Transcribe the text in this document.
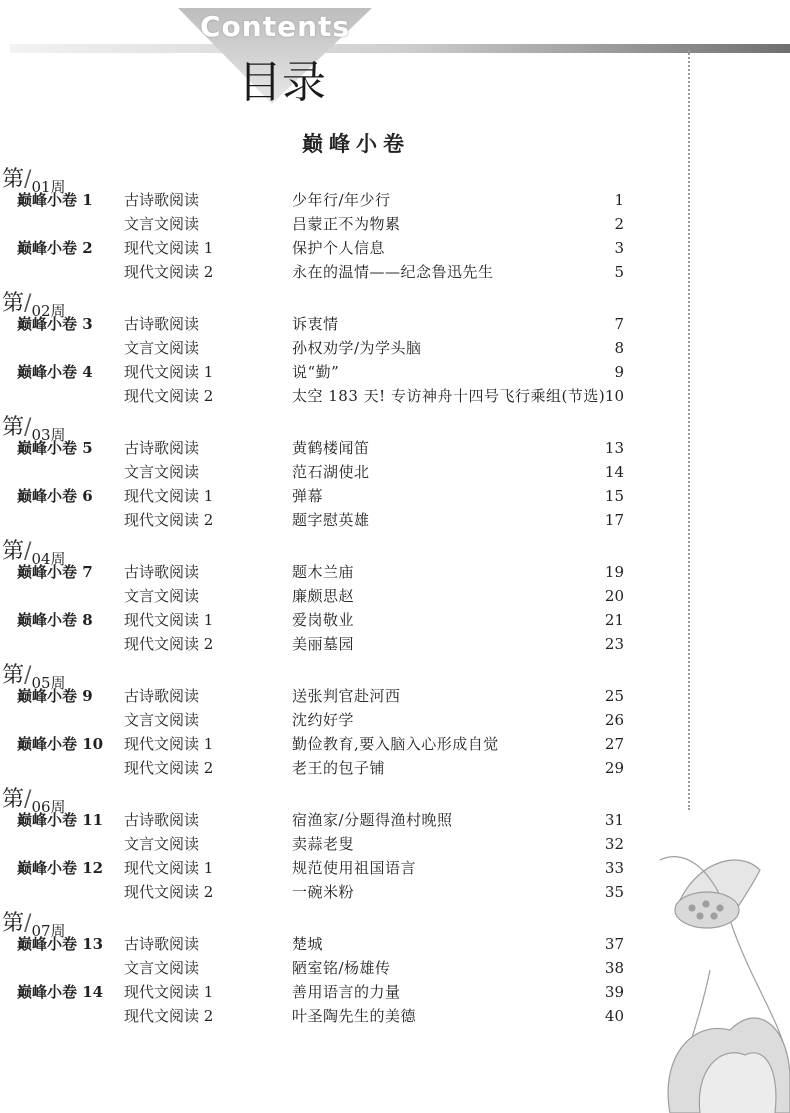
Contents
目录
巅峰小卷
第/01周
巅峰小卷 1 古诗歌阅读	少年行/年少行	1
文言文阅读	吕蒙正不为物累	2
巅峰小卷 2 现代文阅读 1	保护个人信息	3
现代文阅读 2	永在的温情——纪念鲁迅先生	5
第/02周
巅峰小卷 3 古诗歌阅读	诉衷情	7
文言文阅读	孙权劝学/为学头脑	8
巅峰小卷 4 现代文阅读 1	说“勤”	9
现代文阅读 2	太空 183 天! 专访神舟十四号飞行乘组(节选) 10
第/03周
巅峰小卷 5 古诗歌阅读	黄鹤楼闻笛	13
文言文阅读	范石湖使北	14
巅峰小卷 6 现代文阅读 1	弹幕	15
现代文阅读 2	题字慰英雄	17
第/04周
巅峰小卷 7 古诗歌阅读	题木兰庙	19
文言文阅读	廉颇思赵	20
巅峰小卷 8 现代文阅读 1	爱岗敬业	21
现代文阅读 2	美丽墓园	23
第/05周
巅峰小卷 9 古诗歌阅读	送张判官赴河西	25
文言文阅读	沈约好学	26
巅峰小卷 10 现代文阅读 1	勤俭教育,要入脑入心形成自觉	27
现代文阅读 2	老王的包子铺	29
第/06周
巅峰小卷 11 古诗歌阅读	宿渔家/分题得渔村晚照	31
文言文阅读	卖蒜老叟	32
巅峰小卷 12 现代文阅读 1	规范使用祖国语言	33
现代文阅读 2	一碗米粉	35
第/07周
巅峰小卷 13 古诗歌阅读	楚城	37
文言文阅读	陋室铭/杨雄传	38
巅峰小卷 14 现代文阅读 1	善用语言的力量	39
现代文阅读 2	叶圣陶先生的美德	40
